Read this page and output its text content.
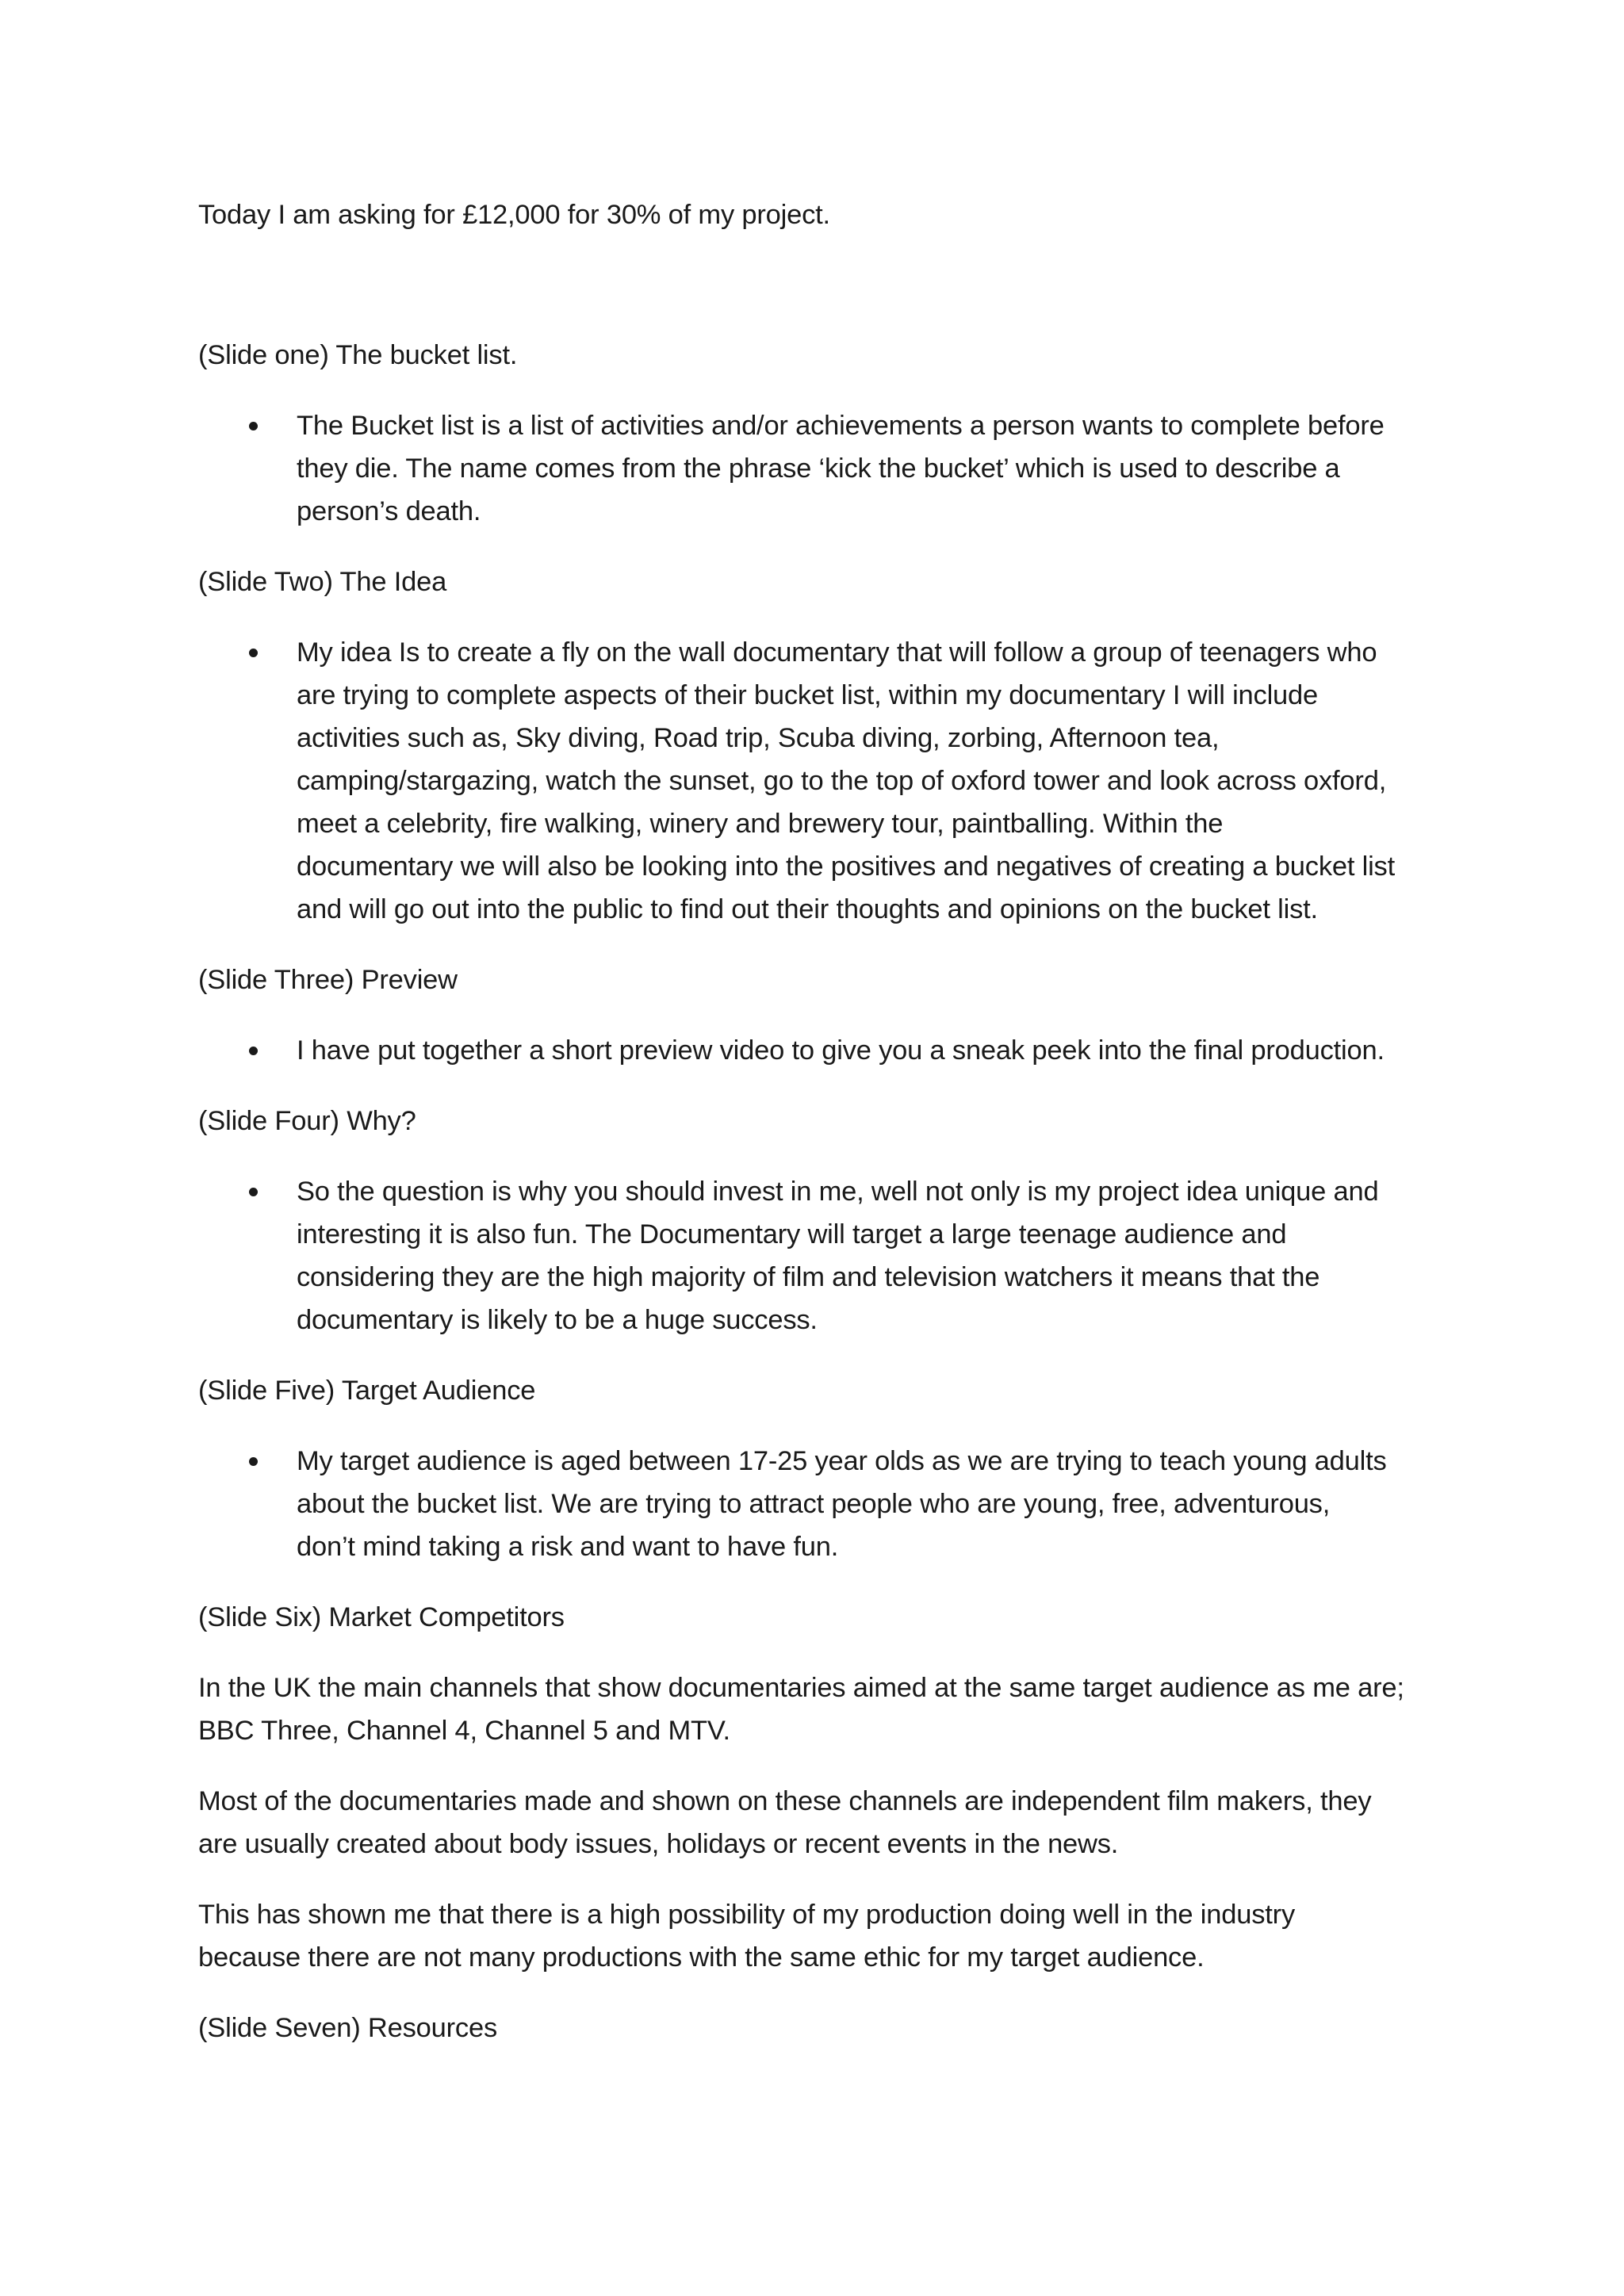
Today I am asking for £12,000 for 30% of my project.

(Slide one) The bucket list.

The Bucket list is a list of activities and/or achievements a person wants to complete before
they die. The name comes from the phrase ‘kick the bucket’ which is used to describe a
person’s death.

(Slide Two) The Idea

My idea Is to create a fly on the wall documentary that will follow a group of teenagers who
are trying to complete aspects of their bucket list, within my documentary I will include
activities such as, Sky diving, Road trip, Scuba diving, zorbing, Afternoon tea,
camping/stargazing, watch the sunset, go to the top of oxford tower and look across oxford,
meet a celebrity, fire walking, winery and brewery tour, paintballing. Within the
documentary we will also be looking into the positives and negatives of creating a bucket list
and will go out into the public to find out their thoughts and opinions on the bucket list.

(Slide Three) Preview

I have put together a short preview video to give you a sneak peek into the final production.

(Slide Four) Why?

So the question is why you should invest in me, well not only is my project idea unique and
interesting it is also fun. The Documentary will target a large teenage audience and
considering they are the high majority of film and television watchers it means that the
documentary is likely to be a huge success.

(Slide Five) Target Audience

My target audience is aged between 17-25 year olds as we are trying to teach young adults
about the bucket list. We are trying to attract people who are young, free, adventurous,
don’t mind taking a risk and want to have fun.

(Slide Six) Market Competitors

In the UK the main channels that show documentaries aimed at the same target audience as me are;
BBC Three, Channel 4, Channel 5 and MTV.
Most of the documentaries made and shown on these channels are independent film makers, they
are usually created about body issues, holidays or recent events in the news.
This has shown me that there is a high possibility of my production doing well in the industry
because there are not many productions with the same ethic for my target audience.

(Slide Seven) Resources
